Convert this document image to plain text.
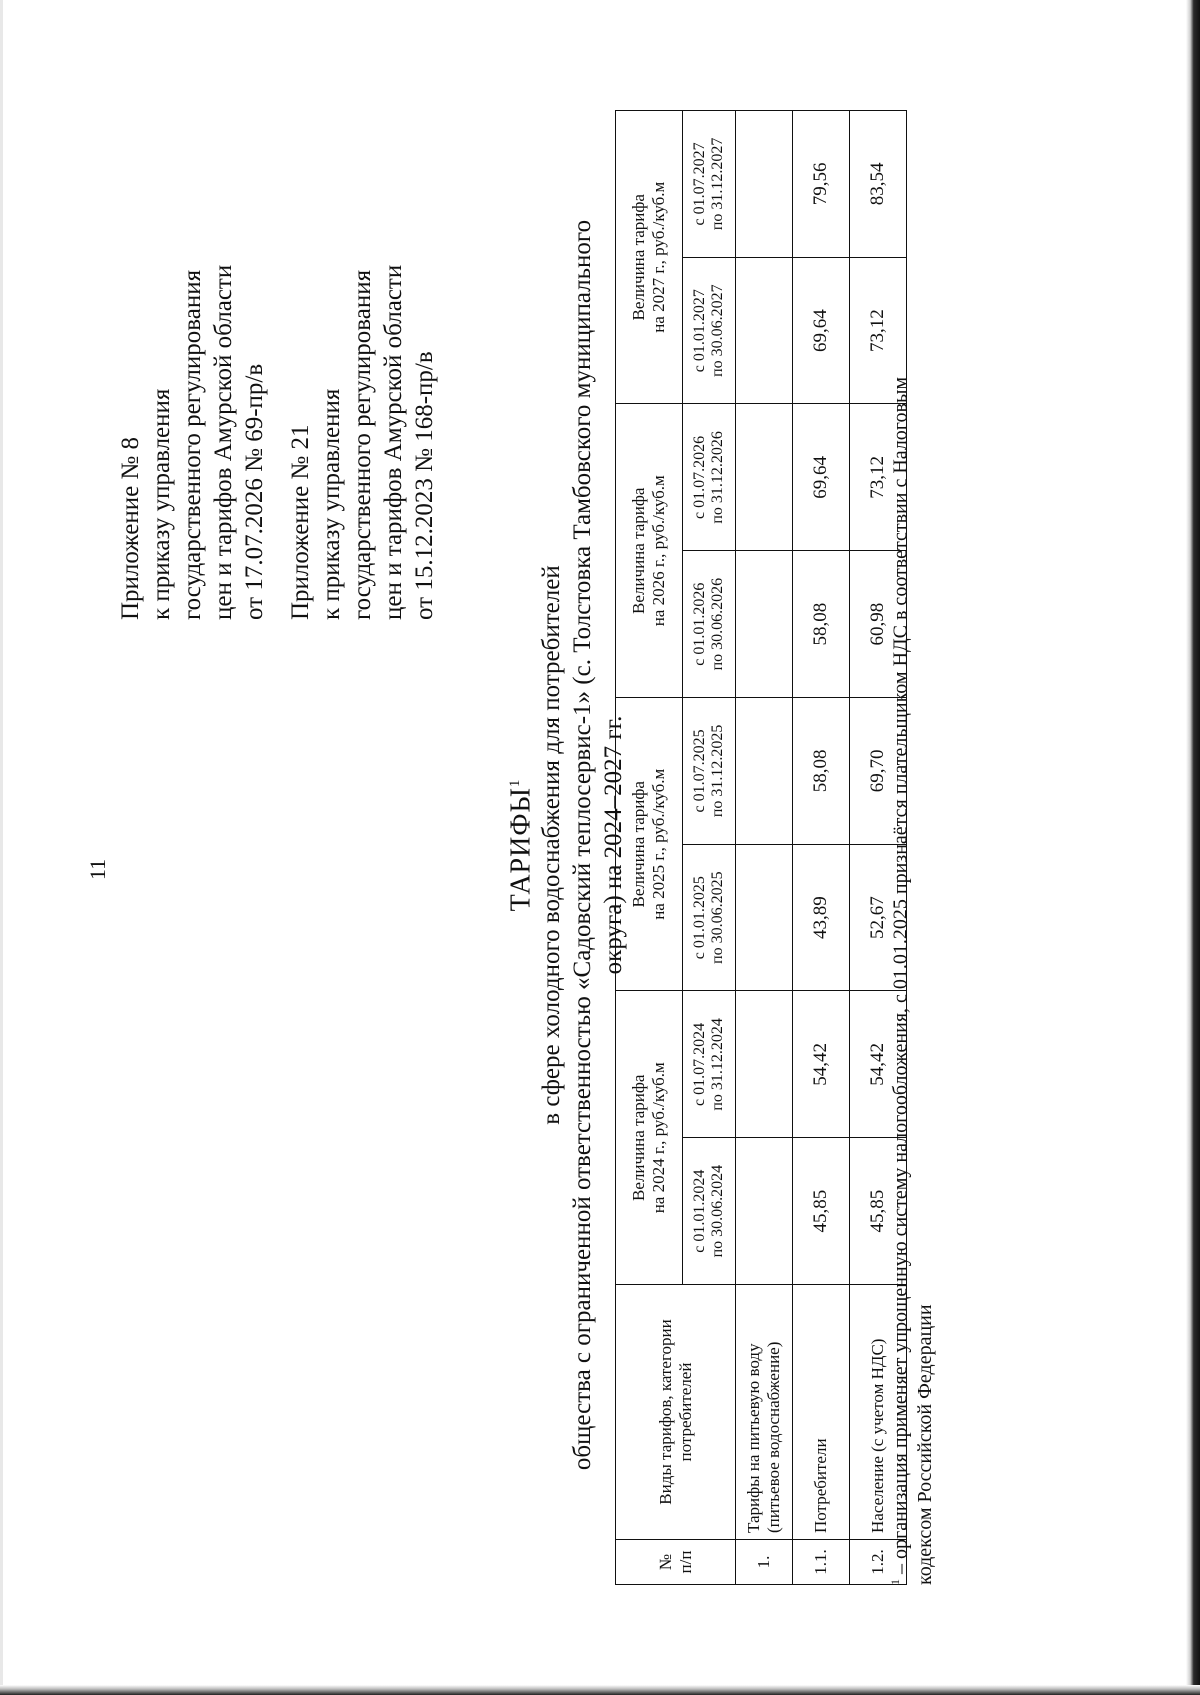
11
Приложение № 8 к приказу управления государственного регулирования цен и тарифов Амурской области от 17.07.2026 № 69-пр/в Приложение № 21 к приказу управления государственного регулирования цен и тарифов Амурской области от 15.12.2023 № 168-пр/в
ТАРИФЫ$^1$ в сфере холодного водоснабжения для потребителей общества с ограниченной ответственностью «Садовский теплосервис-1» (с. Толстовка Тамбовского муниципального округа) на 2024–2027 гг.
№ п/п	Виды тарифов, категории потребителей	Величина тарифа на 2024 г., руб./куб.м		Величина тарифа на 2025 г., руб./куб.м		Величина тарифа на 2026 г., руб./куб.м		Величина тарифа на 2027 г., руб./куб.м	

		с 01.01.2024 по 30.06.2024	с 01.07.2024 по 31.12.2024	с 01.01.2025 по 30.06.2025	с 01.07.2025 по 31.12.2025	с 01.01.2026 по 30.06.2026	с 01.07.2026 по 31.12.2026	с 01.01.2027 по 30.06.2027	с 01.07.2027 по 31.12.2027

1.	Тарифы на питьевую воду (питьевое водоснабжение)								

1.1.	Потребители	45,85	54,42	43,89	58,08	58,08	69,64	69,64	79,56
1.2.	Население (с учетом НДС)	45,85	54,42	52,67	69,70	60,98	73,12	73,12	83,54
$^1$ – организация применяет упрощенную систему налогообложения, с 01.01.2025 признаётся плательщиком НДС в соответствии с Налоговым кодексом Российской Федерации
